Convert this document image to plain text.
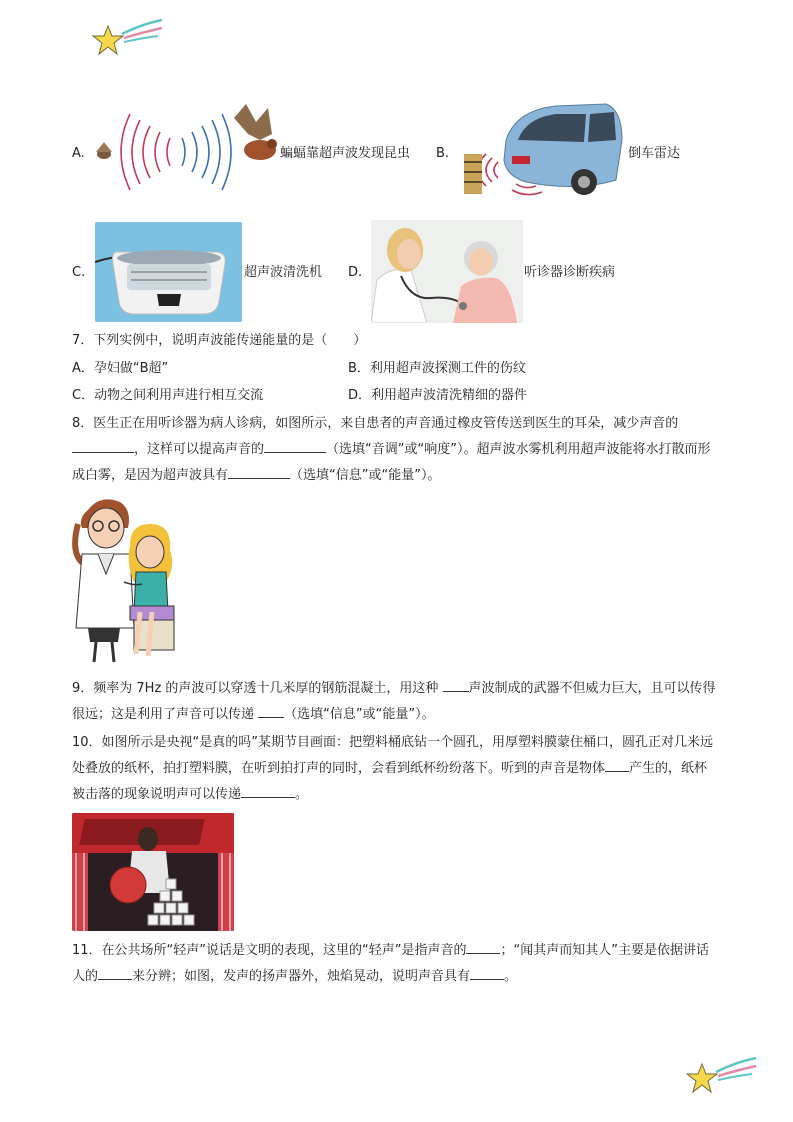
A.	蝙蝠靠超声波发现昆虫 B.	倒车雷达
C.	超声波清洗机 D.	听诊器诊断疾病
7．下列实例中，说明声波能传递能量的是（　　）
A．孕妇做“B超”	B．利用超声波探测工件的伤纹
C．动物之间利用声进行相互交流	D．利用超声波清洗精细的器件
8．医生正在用听诊器为病人诊病，如图所示，来自患者的声音通过橡皮管传送到医生的耳朵，减少声音的，这样可以提高声音的	（选填“音调”或“响度”）。超声波水雾机利用超声波能将水打散而形成白雾，是因为超声波具有	（选填“信息”或“能量”）。
9．频率为 7Hz 的声波可以穿透十几米厚的钢筋混凝土，用这种 声波制成的武器不但威力巨大，且可以传得很远；这是利用了声音可以传递 （选填“信息”或“能量”）。
10．如图所示是央视“是真的吗”某期节目画面：把塑料桶底钻一个圆孔，用厚塑料膜蒙住桶口，圆孔正对几米远处叠放的纸杯，拍打塑料膜，在听到拍打声的同时，会看到纸杯纷纷落下。听到的声音是物体 产生的，纸杯被击落的现象说明声可以传递	。
11．在公共场所“轻声”说话是文明的表现，这里的“轻声”是指声音的	；“闻其声而知其人”主要是依据讲话人的	来分辨；如图，发声的扬声器外，烛焰晃动，说明声音具有	。
